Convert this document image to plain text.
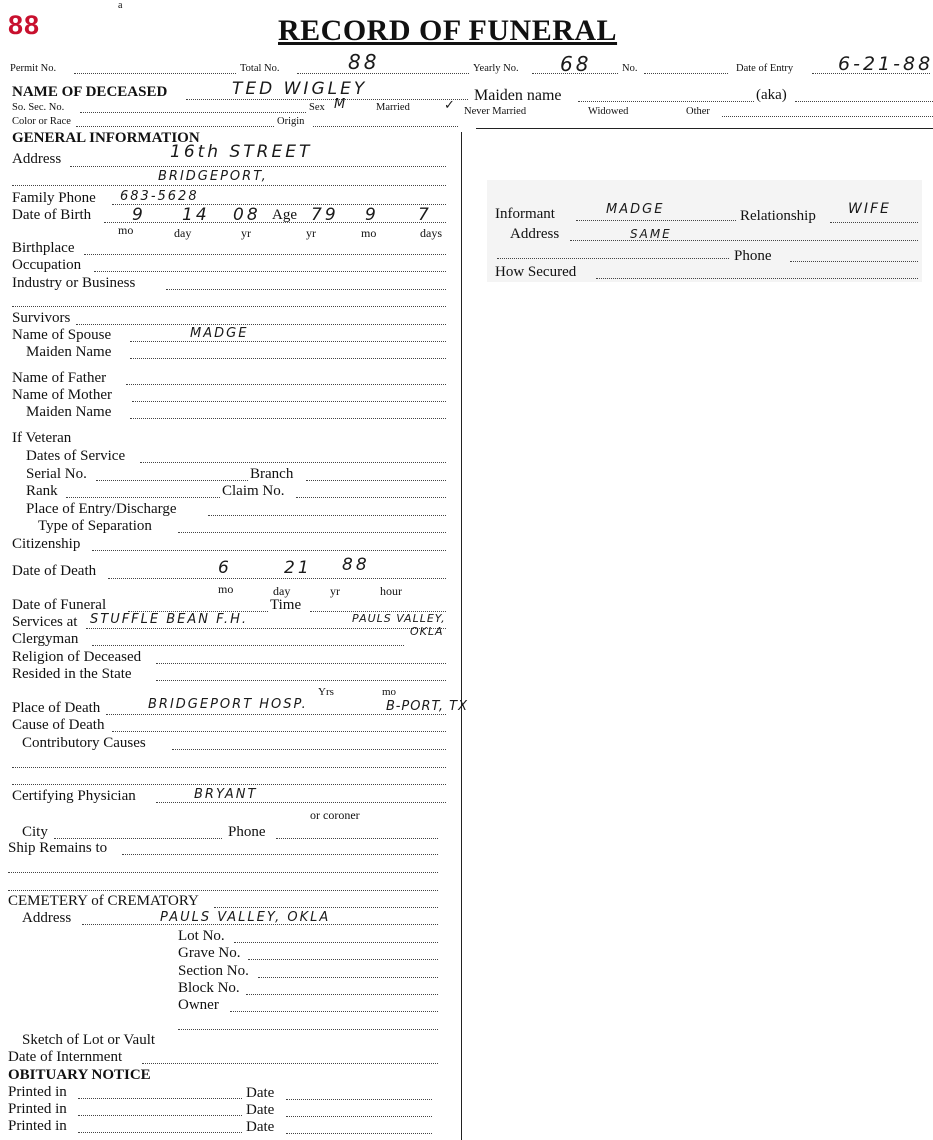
88
a
RECORD OF FUNERAL
Permit No.	Total No.	88	Yearly No. 68	No.	Date of Entry 6-21-88
NAME OF DECEASED	TED WIGLEY	Maiden name	(aka)
So. Sec. No.	Sex M	Married	✓ Never Married	Widowed	Other
Color or Race	Origin
GENERAL INFORMATION
Address	16th STREET
BRIDGEPORT,
Family Phone 683-5628
Date of Birth 9 14 08 Age 79 9 7
mo	day	yr	yr	mo	days
Birthplace
Occupation
Industry or Business
Survivors
Name of Spouse	MADGE
Maiden Name
Name of Father
Name of Mother
Maiden Name
If Veteran
Dates of Service
Serial No.	Branch
Rank	Claim No.
Place of Entry/Discharge
Type of Separation
Citizenship
Date of Death	6	21 88
mo	day	yr	hour
Date of Funeral	Time
Services at STUFFLE BEAN F.H.	PAULS VALLEY,
OKLA
Clergyman
Religion of Deceased
Resided in the State
Yrs	mo
Place of Death	BRIDGEPORT HOSP.	B-PORT, TX
Cause of Death
Contributory Causes
Certifying Physician	BRYANT
or coroner
City	Phone
Ship Remains to
CEMETERY of CREMATORY
Address	PAULS VALLEY, OKLA
Lot No.
Grave No.
Section No.
Block No.
Owner
Sketch of Lot or Vault
Date of Internment
OBITUARY NOTICE
Printed in	Date
Printed in	Date
Printed in	Date
Informant	MADGE	Relationship WIFE
Address	SAME
Phone
How Secured
